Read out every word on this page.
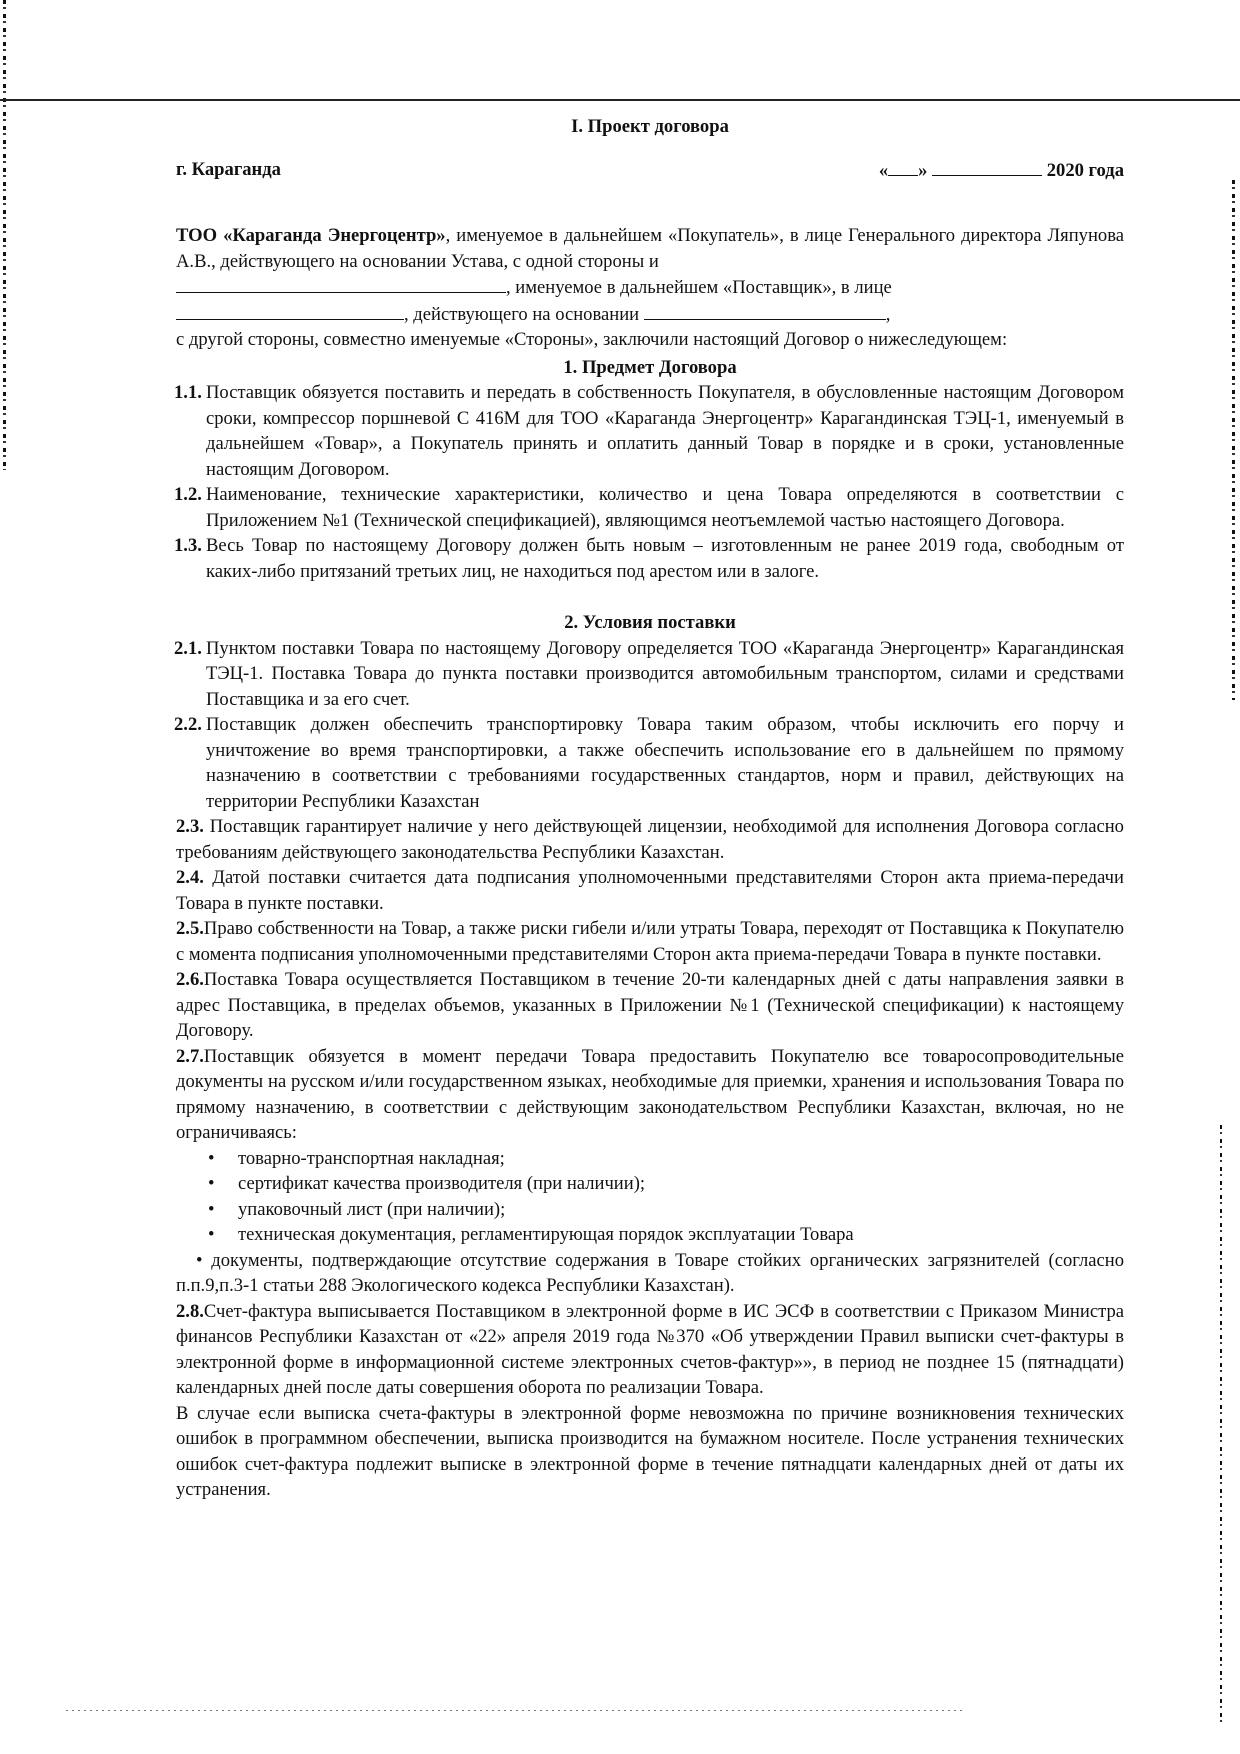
I. Проект договора
г. Караганда	« »	2020 года

ТОО «Караганда Энергоцентр», именуемое в дальнейшем «Покупатель», в лице Генерального директора Ляпунова А.В., действующего на основании Устава, с одной стороны и

, именуемое в дальнейшем «Поставщик», в лице

, действующего на основании	,

с другой стороны, совместно именуемые «Стороны», заключили настоящий Договор о нижеследующем:

1. Предмет Договора
1.1. Поставщик обязуется поставить и передать в собственность Покупателя, в обусловленные настоящим Договором сроки, компрессор поршневой С 416М для ТОО «Караганда Энергоцентр» Карагандинская ТЭЦ-1, именуемый в дальнейшем «Товар», а Покупатель принять и оплатить данный Товар в порядке и в сроки, установленные настоящим Договором.
1.2. Наименование, технические характеристики, количество и цена Товара определяются в соответствии с Приложением №1 (Технической спецификацией), являющимся неотъемлемой частью настоящего Договора.
1.3. Весь Товар по настоящему Договору должен быть новым – изготовленным не ранее 2019 года, свободным от каких-либо притязаний третьих лиц, не находиться под арестом или в залоге.
2. Условия поставки
2.1. Пунктом поставки Товара по настоящему Договору определяется ТОО «Караганда Энергоцентр» Карагандинская ТЭЦ-1. Поставка Товара до пункта поставки производится автомобильным транспортом, силами и средствами Поставщика и за его счет.
2.2. Поставщик должен обеспечить транспортировку Товара таким образом, чтобы исключить его порчу и уничтожение во время транспортировки, а также обеспечить использование его в дальнейшем по прямому назначению в соответствии с требованиями государственных стандартов, норм и правил, действующих на территории Республики Казахстан

2.3. Поставщик гарантирует наличие у него действующей лицензии, необходимой для исполнения Договора согласно требованиям действующего законодательства Республики Казахстан.

2.4. Датой поставки считается дата подписания уполномоченными представителями Сторон акта приема-передачи Товара в пункте поставки.

2.5.Право собственности на Товар, а также риски гибели и/или утраты Товара, переходят от Поставщика к Покупателю с момента подписания уполномоченными представителями Сторон акта приема-передачи Товара в пункте поставки.

2.6.Поставка Товара осуществляется Поставщиком в течение 20-ти календарных дней с даты направления заявки в адрес Поставщика, в пределах объемов, указанных в Приложении №1 (Технической спецификации) к настоящему Договору.

2.7.Поставщик обязуется в момент передачи Товара предоставить Покупателю все товаросопроводительные документы на русском и/или государственном языках, необходимые для приемки, хранения и использования Товара по прямому назначению, в соответствии с действующим законодательством Республики Казахстан, включая, но не ограничиваясь:

• товарно-транспортная накладная;
• сертификат качества производителя (при наличии);
• упаковочный лист (при наличии);
• техническая документация, регламентирующая порядок эксплуатации Товара

• документы, подтверждающие отсутствие содержания в Товаре стойких органических загрязнителей (согласно п.п.9,п.3-1 статьи 288 Экологического кодекса Республики Казахстан).

2.8.Счет-фактура выписывается Поставщиком в электронной форме в ИС ЭСФ в соответствии с Приказом Министра финансов Республики Казахстан от «22» апреля 2019 года №370 «Об утверждении Правил выписки счет-фактуры в электронной форме в информационной системе электронных счетов-фактур»», в период не позднее 15 (пятнадцати) календарных дней после даты совершения оборота по реализации Товара.

В случае если выписка счета-фактуры в электронной форме невозможна по причине возникновения технических ошибок в программном обеспечении, выписка производится на бумажном носителе. После устранения технических ошибок счет-фактура подлежит выписке в электронной форме в течение пятнадцати календарных дней от даты их устранения.
